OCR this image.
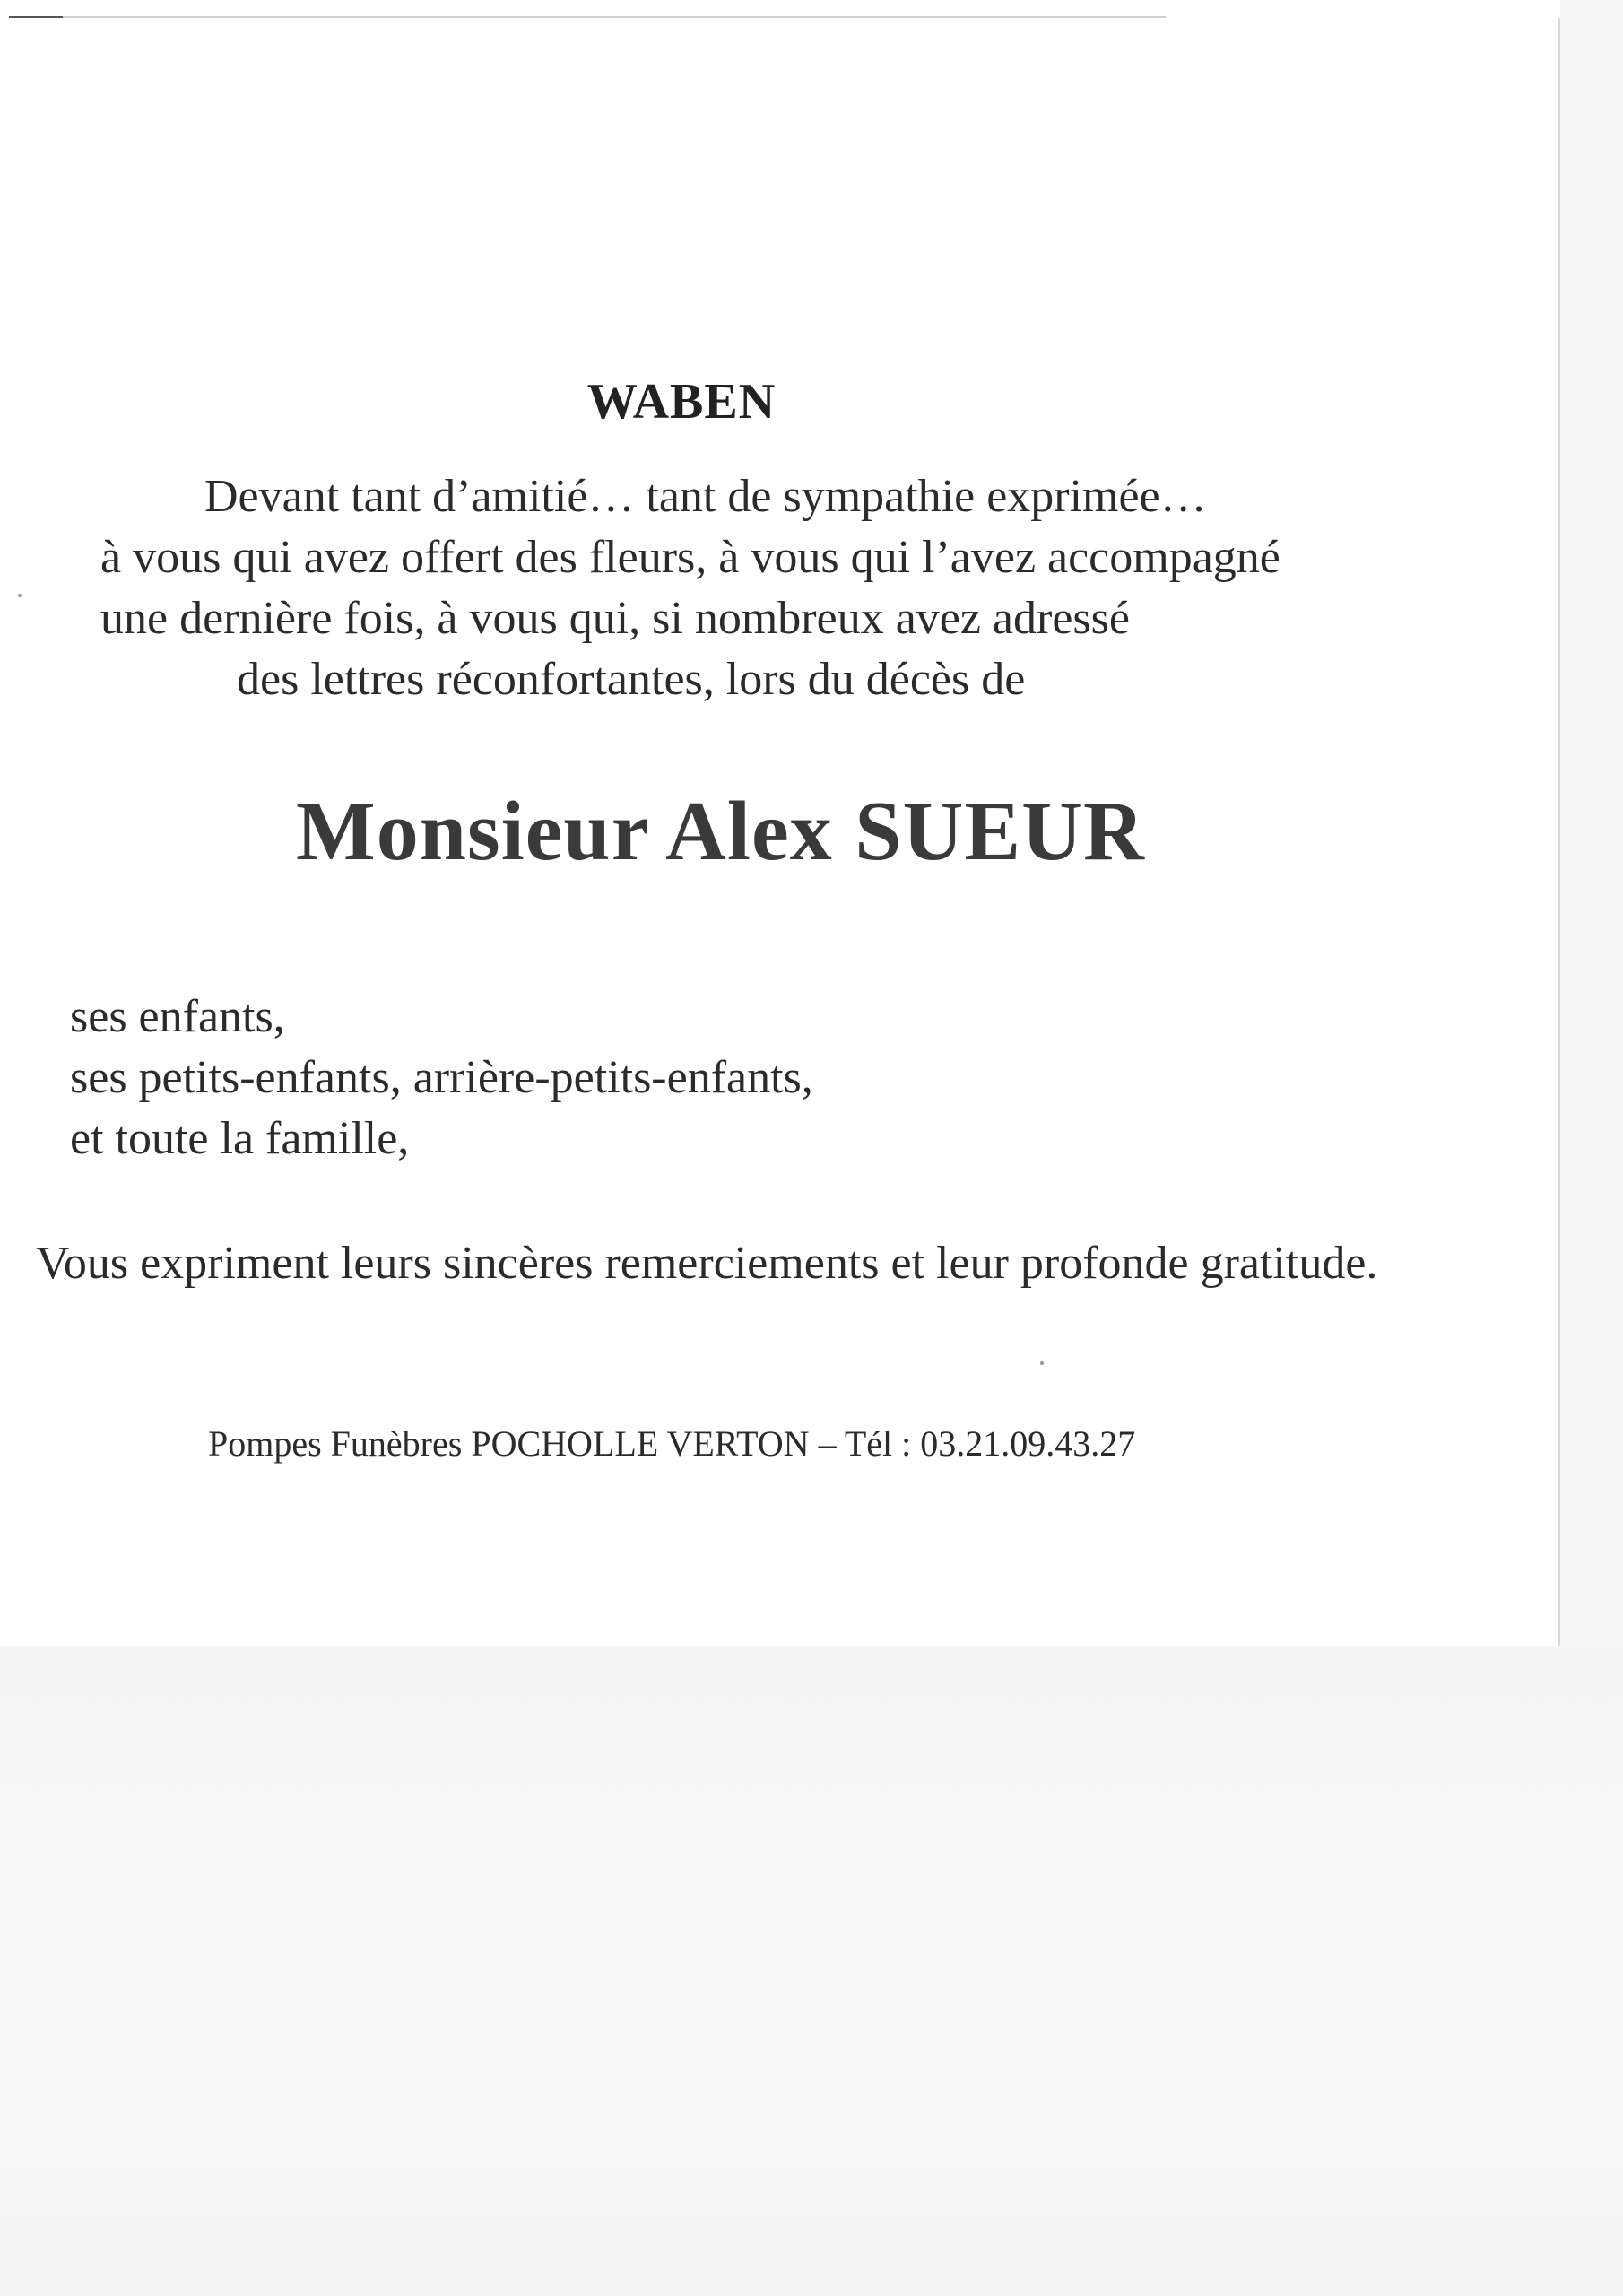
WABEN
Devant tant d’amitié… tant de sympathie exprimée…
à vous qui avez offert des fleurs, à vous qui l’avez accompagné
une dernière fois, à vous qui, si nombreux avez adressé
des lettres réconfortantes, lors du décès de
Monsieur Alex SUEUR
ses enfants,
ses petits-enfants, arrière-petits-enfants,
et toute la famille,
Vous expriment leurs sincères remerciements et leur profonde gratitude.
Pompes Funèbres POCHOLLE VERTON – Tél : 03.21.09.43.27
